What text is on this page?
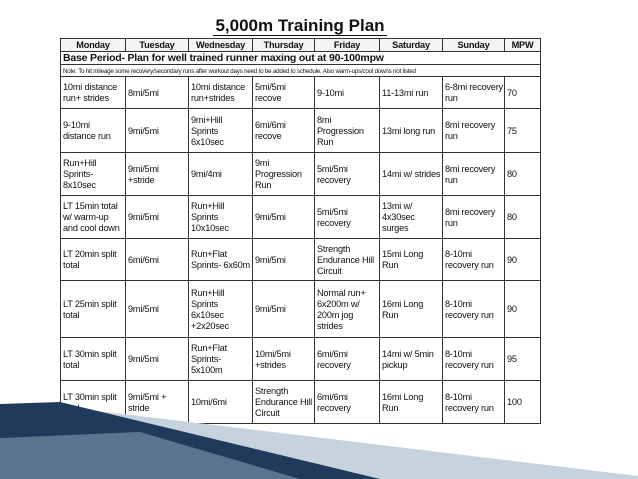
5,000m Training Plan
Monday	Tuesday	Wednesday	Thursday	Friday	Saturday	Sunday	MPW
Base Period- Plan for well trained runner maxing out at 90-100mpw							
Note: To hit mileage some recovery/secondary runs after workout days need to be added to schedule. Also warm-ups/cool downs not listed							
10mi distance run+ strides	8mi/5mi	10mi distance run+strides	5mi/5mi recove	9-10mi	11-13mi run	6-8mi recovery run	70
9-10mi distance run	9mi/5mi	9mi+Hill Sprints 6x10sec	6mi/6mi recove	8mi Progression Run	13mi long run	8mi recovery run	75
Run+Hill Sprints- 8x10sec	9mi/5mi +stride	9mi/4mi	9mi Progression Run	5mi/5mi recovery	14mi w/ strides	8mi recovery run	80
LT 15min total w/ warm-up and cool down	9mi/5mi	Run+Hill Sprints 10x10sec	9mi/5mi	5mi/5mi recovery	13mi w/ 4x30sec surges	8mi recovery run	80
LT 20min split total	6mi/6mi	Run+Flat Sprints- 6x60m	9mi/5mi	Strength Endurance Hill Circuit	15mi Long Run	8-10mi recovery run	90
LT 25min split total	9mi/5mi	Run+Hill Sprints 6x10sec +2x20sec	9mi/5mi	Normal run+ 6x200m w/ 200m jog strides	16mi Long Run	8-10mi recovery run	90
LT 30min split total	9mi/5mi	Run+Flat Sprints- 5x100m	10mi/5mi +strides	6mi/6mi recovery	14mi w/ 5min pickup	8-10mi recovery run	95
LT 30min split	9mi/5mi + stride	10mi/6mi	Strength Endurance Hill Circuit	6mi/6mi recovery	16mi Long Run	8-10mi recovery run	100
